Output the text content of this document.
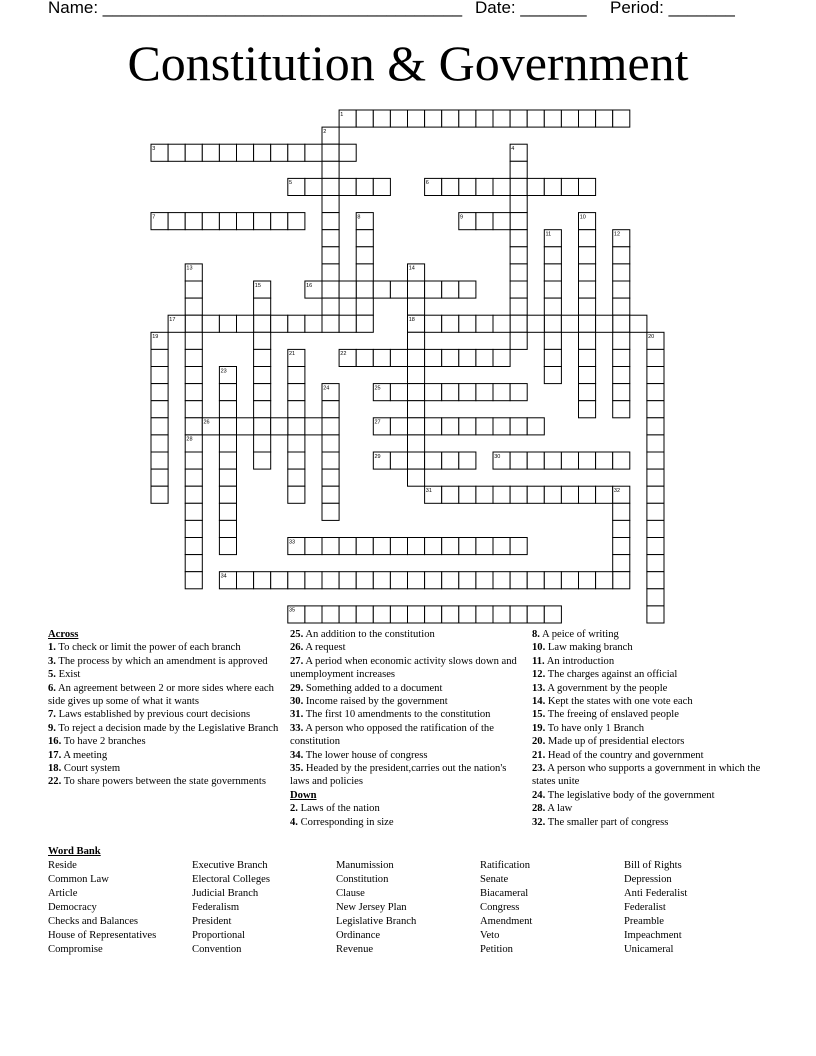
Name: ______________________________________ Date: _______ Period: _______
Constitution & Government
1
2
3	4
5	6
7	8	9	10
11	12
13	14
15	16
17	18
19	20
21	22
23
24	25
26	27
28
29	30
31	32
33
34
35
Across
1. To check or limit the power of each branch
3. The process by which an amendment is approved
5. Exist
6. An agreement between 2 or more sides where each side gives up some of what it wants
7. Laws established by previous court decisions
9. To reject a decision made by the Legislative Branch
16. To have 2 branches
17. A meeting
18. Court system
22. To share powers between the state governments
25. An addition to the constitution
26. A request
27. A period when economic activity slows down and unemployment increases
29. Something added to a document
30. Income raised by the government
31. The first 10 amendments to the constitution
33. A person who opposed the ratification of the constitution
34. The lower house of congress
35. Headed by the president,carries out the nation's laws and policies
Down
2. Laws of the nation
4. Corresponding in size
8. A peice of writing
10. Law making branch
11. An introduction
12. The charges against an official
13. A government by the people
14. Kept the states with one vote each
15. The freeing of enslaved people
19. To have only 1 Branch
20. Made up of presidential electors
21. Head of the country and government
23. A person who supports a government in which the states unite
24. The legislative body of the government
28. A law
32. The smaller part of congress
Word Bank
Reside	Executive Branch	Manumission	Ratification	Bill of Rights
Common Law	Electoral Colleges	Constitution	Senate	Depression
Article	Judicial Branch	Clause	Biacameral	Anti Federalist
Democracy	Federalism	New Jersey Plan	Congress	Federalist
Checks and Balances	President	Legislative Branch	Amendment	Preamble
House of Representatives	Proportional	Ordinance	Veto	Impeachment
Compromise	Convention	Revenue	Petition	Unicameral
